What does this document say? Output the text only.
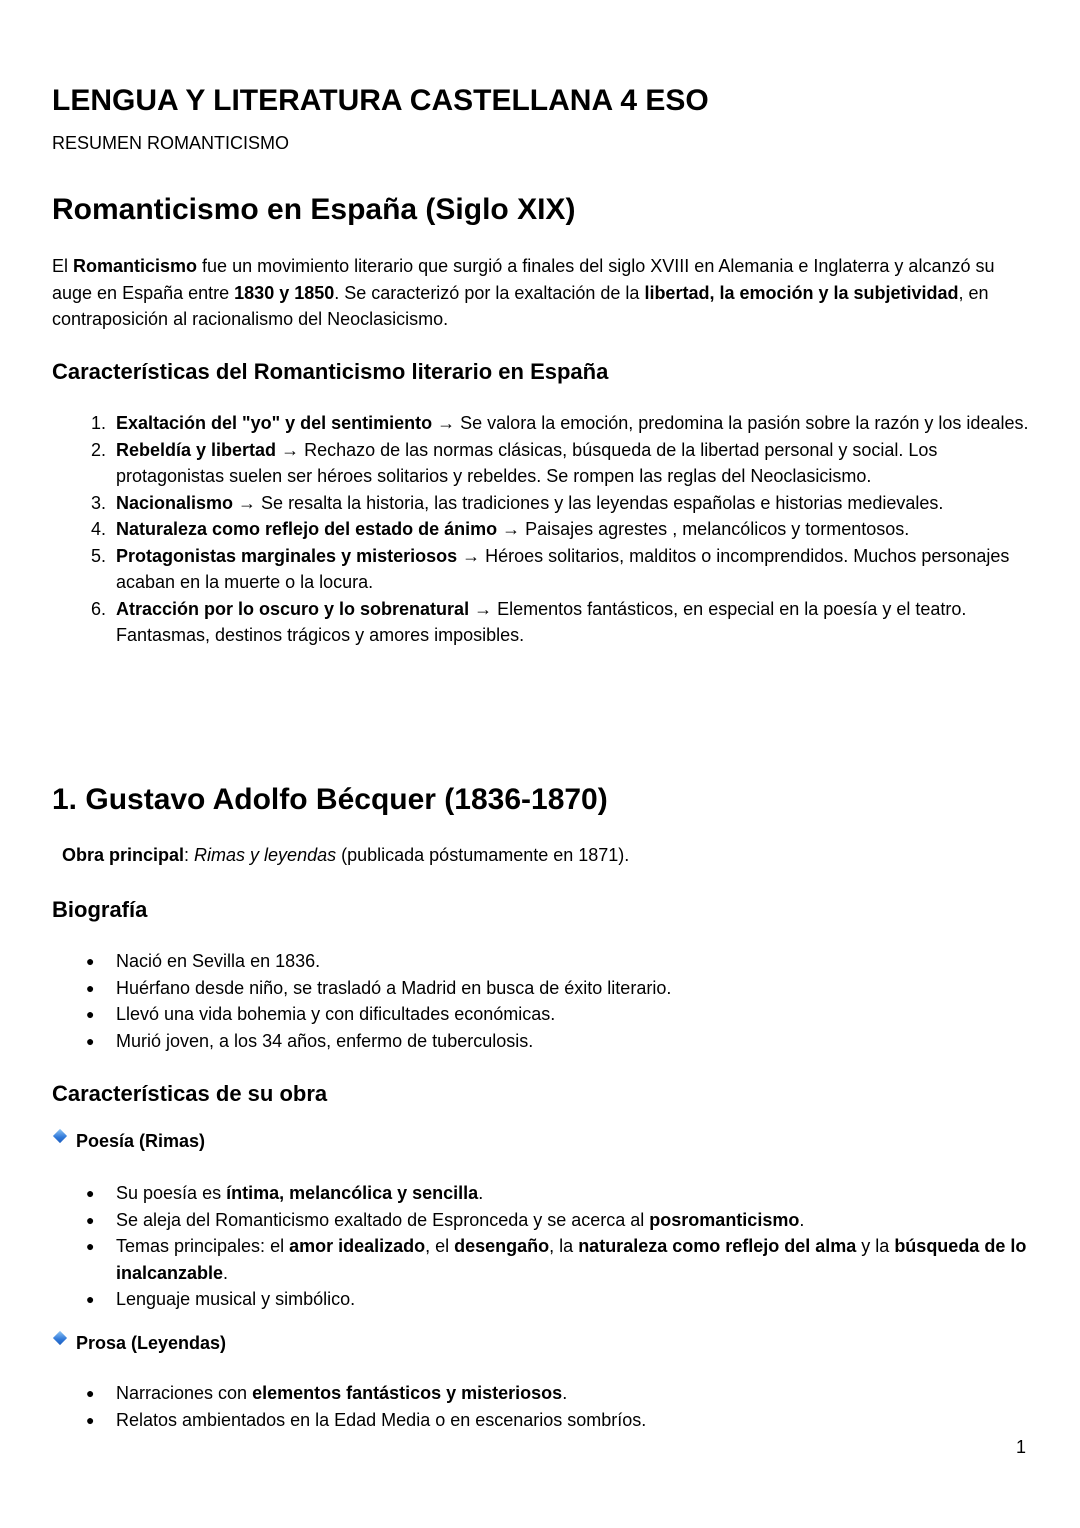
LENGUA Y LITERATURA CASTELLANA 4 ESO
RESUMEN ROMANTICISMO
Romanticismo en España (Siglo XIX)

El Romanticismo fue un movimiento literario que surgió a finales del siglo XVIII en Alemania e Inglaterra y alcanzó su auge en España entre 1830 y 1850. Se caracterizó por la exaltación de la libertad, la emoción y la subjetividad, en contraposición al racionalismo del Neoclasicismo.

Características del Romanticismo literario en España
1. Exaltación del "yo" y del sentimiento → Se valora la emoción, predomina la pasión sobre la razón y los ideales.
2. Rebeldía y libertad → Rechazo de las normas clásicas, búsqueda de la libertad personal y social. Los protagonistas suelen ser héroes solitarios y rebeldes. Se rompen las reglas del Neoclasicismo.
3. Nacionalismo → Se resalta la historia, las tradiciones y las leyendas españolas e historias medievales.
4. Naturaleza como reflejo del estado de ánimo → Paisajes agrestes , melancólicos y tormentosos.
5. Protagonistas marginales y misteriosos → Héroes solitarios, malditos o incomprendidos. Muchos personajes acaban en la muerte o la locura.
6. Atracción por lo oscuro y lo sobrenatural → Elementos fantásticos, en especial en la poesía y el teatro. Fantasmas, destinos trágicos y amores imposibles.
1. Gustavo Adolfo Bécquer (1836-1870)
Obra principal: Rimas y leyendas (publicada póstumamente en 1871).
Biografía
● Nació en Sevilla en 1836.
● Huérfano desde niño, se trasladó a Madrid en busca de éxito literario.
● Llevó una vida bohemia y con dificultades económicas.
● Murió joven, a los 34 años, enfermo de tuberculosis.
Características de su obra
Poesía (Rimas)
● Su poesía es íntima, melancólica y sencilla.
● Se aleja del Romanticismo exaltado de Espronceda y se acerca al posromanticismo.
● Temas principales: el amor idealizado, el desengaño, la naturaleza como reflejo del alma y la búsqueda de lo inalcanzable.
● Lenguaje musical y simbólico.
Prosa (Leyendas)
● Narraciones con elementos fantásticos y misteriosos.
● Relatos ambientados en la Edad Media o en escenarios sombríos.
1
